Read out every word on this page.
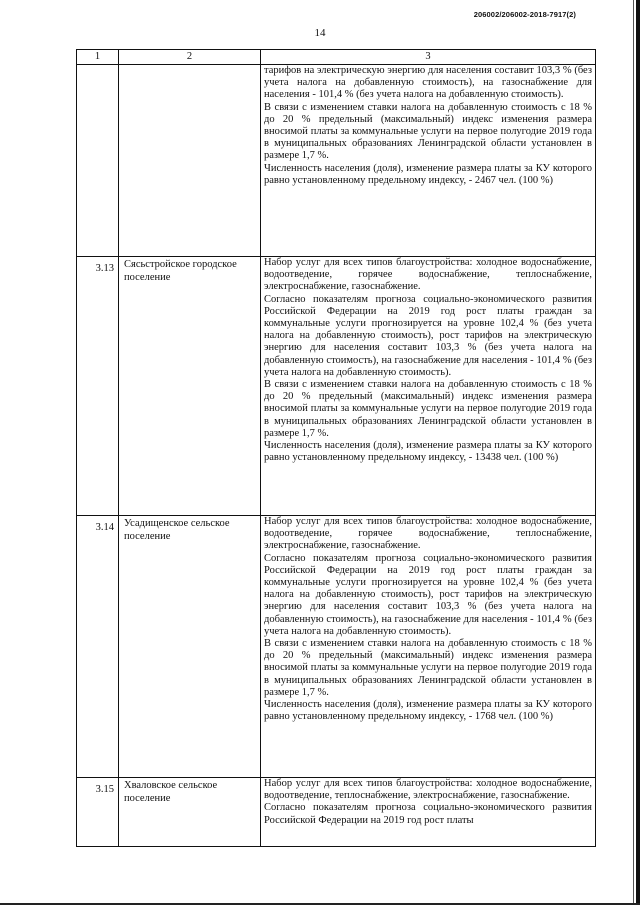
206002/206002-2018-7917(2)
14
1	2	3

тарифов на электрическую энергию для населения составит 103,3 % (без учета налога на добавленную стоимость), на газоснабжение для населения - 101,4 % (без учета налога на добавленную стоимость).

В связи с изменением ставки налога на добавленную стоимость с 18 % до 20 % предельный (максимальный) индекс изменения размера вносимой платы за коммунальные услуги на первое полугодие 2019 года в муниципальных образованиях Ленинградской области установлен в размере 1,7 %.

Численность населения (доля), изменение размера платы за КУ которого равно установленному предельному индексу, - 2467 чел. (100 %)

3.13 Сясьстройское городское поселение

Набор услуг для всех типов благоустройства: холодное водоснабжение, водоотведение, горячее водоснабжение, теплоснабжение, электроснабжение, газоснабжение.

Согласно показателям прогноза социально-экономического развития Российской Федерации на 2019 год рост платы граждан за коммунальные услуги прогнозируется на уровне 102,4 % (без учета налога на добавленную стоимость), рост тарифов на электрическую энергию для населения составит 103,3 % (без учета налога на добавленную стоимость), на газоснабжение для населения - 101,4 % (без учета налога на добавленную стоимость).

В связи с изменением ставки налога на добавленную стоимость с 18 % до 20 % предельный (максимальный) индекс изменения размера вносимой платы за коммунальные услуги на первое полугодие 2019 года в муниципальных образованиях Ленинградской области установлен в размере 1,7 %.

Численность населения (доля), изменение размера платы за КУ которого равно установленному предельному индексу, - 13438 чел. (100 %)

3.14 Усадищенское сельское поселение

Набор услуг для всех типов благоустройства: холодное водоснабжение, водоотведение, горячее водоснабжение, теплоснабжение, электроснабжение, газоснабжение.

Согласно показателям прогноза социально-экономического развития Российской Федерации на 2019 год рост платы граждан за коммунальные услуги прогнозируется на уровне 102,4 % (без учета налога на добавленную стоимость), рост тарифов на электрическую энергию для населения составит 103,3 % (без учета налога на добавленную стоимость), на газоснабжение для населения - 101,4 % (без учета налога на добавленную стоимость).

В связи с изменением ставки налога на добавленную стоимость с 18 % до 20 % предельный (максимальный) индекс изменения размера вносимой платы за коммунальные услуги на первое полугодие 2019 года в муниципальных образованиях Ленинградской области установлен в размере 1,7 %.

Численность населения (доля), изменение размера платы за КУ которого равно установленному предельному индексу, - 1768 чел. (100 %)

3.15 Хваловское сельское поселение

Набор услуг для всех типов благоустройства: холодное водоснабжение, водоотведение, теплоснабжение, электроснабжение, газоснабжение.

Согласно показателям прогноза социально-экономического развития Российской Федерации на 2019 год рост платы
